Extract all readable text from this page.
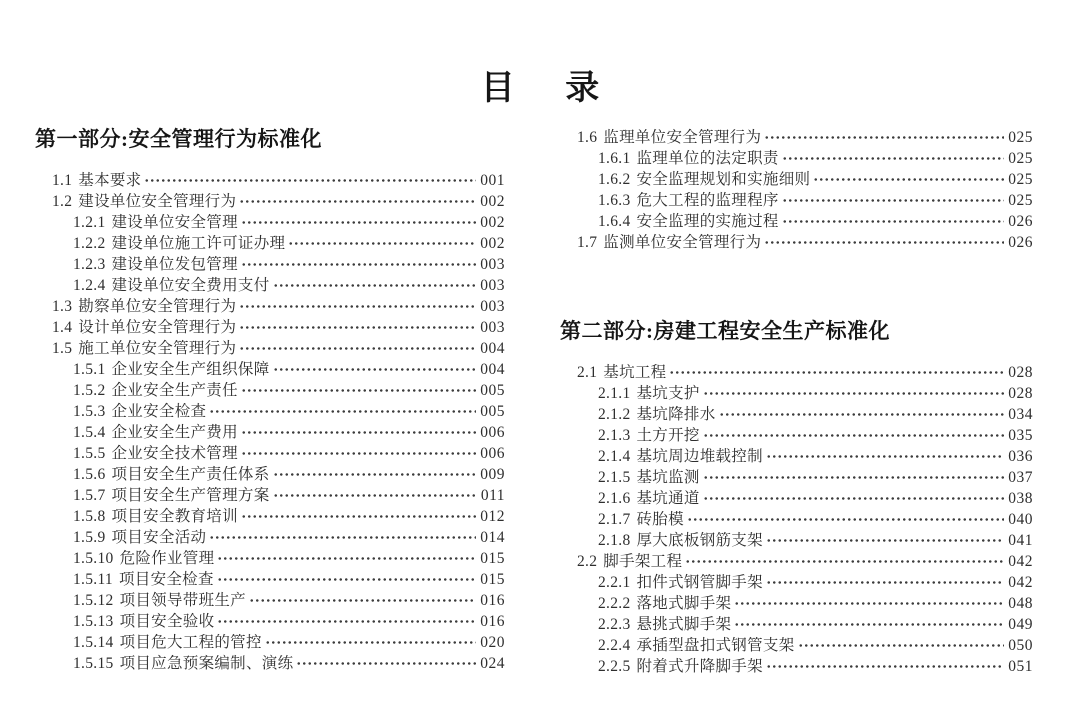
目 录
第一部分:安全管理行为标准化
1.1 基本要求	001
1.2 建设单位安全管理行为	002
1.2.1 建设单位安全管理	002
1.2.2 建设单位施工许可证办理	002
1.2.3 建设单位发包管理	003
1.2.4 建设单位安全费用支付	003
1.3 勘察单位安全管理行为	003
1.4 设计单位安全管理行为	003
1.5 施工单位安全管理行为	004
1.5.1 企业安全生产组织保障	004
1.5.2 企业安全生产责任	005
1.5.3 企业安全检查	005
1.5.4 企业安全生产费用	006
1.5.5 企业安全技术管理	006
1.5.6 项目安全生产责任体系	009
1.5.7 项目安全生产管理方案	011
1.5.8 项目安全教育培训	012
1.5.9 项目安全活动	014
1.5.10 危险作业管理	015
1.5.11 项目安全检查	015
1.5.12 项目领导带班生产	016
1.5.13 项目安全验收	016
1.5.14 项目危大工程的管控	020
1.5.15 项目应急预案编制、演练	024
1.6 监理单位安全管理行为	025
1.6.1 监理单位的法定职责	025
1.6.2 安全监理规划和实施细则	025
1.6.3 危大工程的监理程序	025
1.6.4 安全监理的实施过程	026
1.7 监测单位安全管理行为	026
第二部分:房建工程安全生产标准化
2.1 基坑工程	028
2.1.1 基坑支护	028
2.1.2 基坑降排水	034
2.1.3 土方开挖	035
2.1.4 基坑周边堆载控制	036
2.1.5 基坑监测	037
2.1.6 基坑通道	038
2.1.7 砖胎模	040
2.1.8 厚大底板钢筋支架	041
2.2 脚手架工程	042
2.2.1 扣件式钢管脚手架	042
2.2.2 落地式脚手架	048
2.2.3 悬挑式脚手架	049
2.2.4 承插型盘扣式钢管支架	050
2.2.5 附着式升降脚手架	051
